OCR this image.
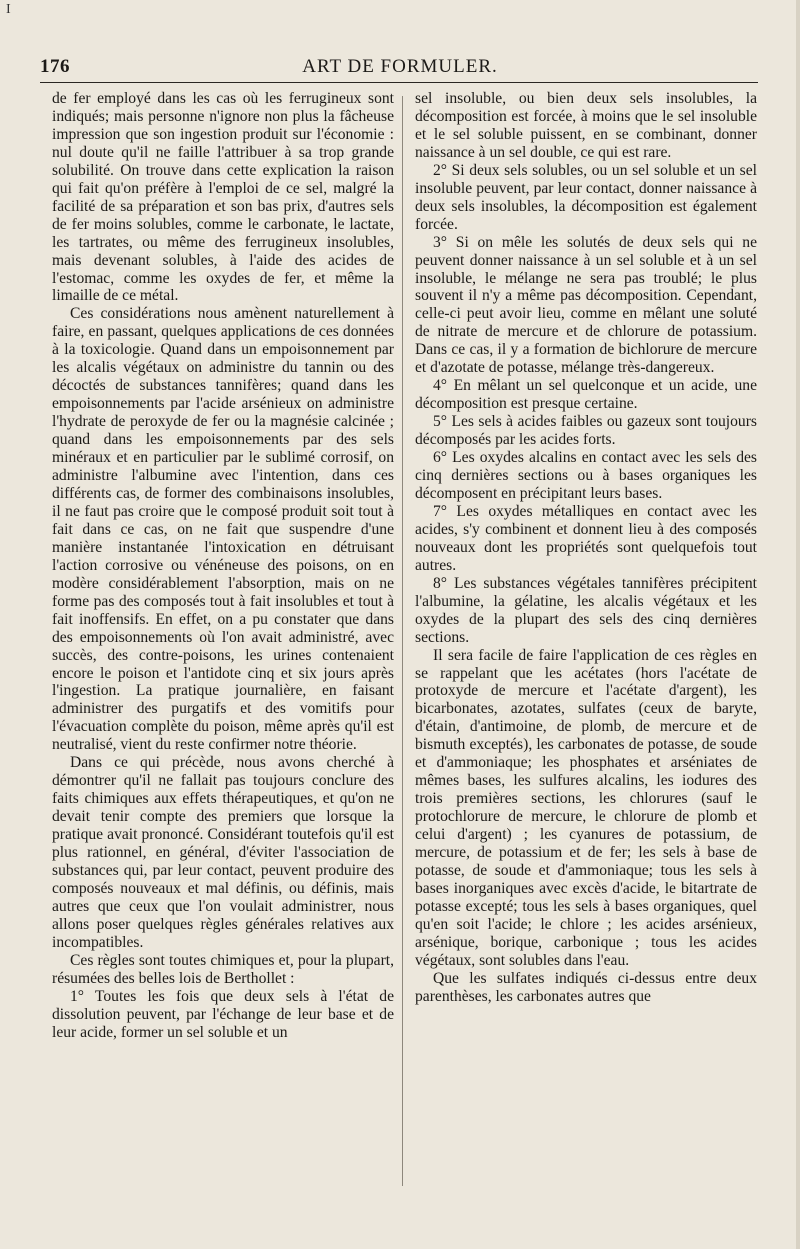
I
176	ART DE FORMULER.

de fer employé dans les cas où les ferrugineux sont indiqués; mais personne n'ignore non plus la fâcheuse impression que son ingestion produit sur l'économie : nul doute qu'il ne faille l'attribuer à sa trop grande solubilité. On trouve dans cette explication la raison qui fait qu'on préfère à l'emploi de ce sel, malgré la facilité de sa préparation et son bas prix, d'autres sels de fer moins solubles, comme le carbonate, le lactate, les tartrates, ou même des ferrugineux insolubles, mais devenant solubles, à l'aide des acides de l'estomac, comme les oxydes de fer, et même la limaille de ce métal.

Ces considérations nous amènent naturellement à faire, en passant, quelques applications de ces données à la toxicologie. Quand dans un empoisonnement par les alcalis végétaux on administre du tannin ou des décoctés de substances tannifères; quand dans les empoisonnements par l'acide arsénieux on administre l'hydrate de peroxyde de fer ou la magnésie calcinée ; quand dans les empoisonnements par des sels minéraux et en particulier par le sublimé corrosif, on administre l'albumine avec l'intention, dans ces différents cas, de former des combinaisons insolubles, il ne faut pas croire que le composé produit soit tout à fait dans ce cas, on ne fait que suspendre d'une manière instantanée l'intoxication en détruisant l'action corrosive ou vénéneuse des poisons, on en modère considérablement l'absorption, mais on ne forme pas des composés tout à fait insolubles et tout à fait inoffensifs. En effet, on a pu constater que dans des empoisonnements où l'on avait administré, avec succès, des contre-poisons, les urines contenaient encore le poison et l'antidote cinq et six jours après l'ingestion. La pratique journalière, en faisant administrer des purgatifs et des vomitifs pour l'évacuation complète du poison, même après qu'il est neutralisé, vient du reste confirmer notre théorie.

Dans ce qui précède, nous avons cherché à démontrer qu'il ne fallait pas toujours conclure des faits chimiques aux effets thérapeutiques, et qu'on ne devait tenir compte des premiers que lorsque la pratique avait prononcé. Considérant toutefois qu'il est plus rationnel, en général, d'éviter l'association de substances qui, par leur contact, peuvent produire des composés nouveaux et mal définis, ou définis, mais autres que ceux que l'on voulait administrer, nous allons poser quelques règles générales relatives aux incompatibles.

Ces règles sont toutes chimiques et, pour la plupart, résumées des belles lois de Berthollet :

1° Toutes les fois que deux sels à l'état de dissolution peuvent, par l'échange de leur base et de leur acide, former un sel soluble et un

sel insoluble, ou bien deux sels insolubles, la décomposition est forcée, à moins que le sel insoluble et le sel soluble puissent, en se combinant, donner naissance à un sel double, ce qui est rare.

2° Si deux sels solubles, ou un sel soluble et un sel insoluble peuvent, par leur contact, donner naissance à deux sels insolubles, la décomposition est également forcée.

3° Si on mêle les solutés de deux sels qui ne peuvent donner naissance à un sel soluble et à un sel insoluble, le mélange ne sera pas troublé; le plus souvent il n'y a même pas décomposition. Cependant, celle-ci peut avoir lieu, comme en mêlant une soluté de nitrate de mercure et de chlorure de potassium. Dans ce cas, il y a formation de bichlorure de mercure et d'azotate de potasse, mélange très-dangereux.

4° En mêlant un sel quelconque et un acide, une décomposition est presque certaine.

5° Les sels à acides faibles ou gazeux sont toujours décomposés par les acides forts.

6° Les oxydes alcalins en contact avec les sels des cinq dernières sections ou à bases organiques les décomposent en précipitant leurs bases.

7° Les oxydes métalliques en contact avec les acides, s'y combinent et donnent lieu à des composés nouveaux dont les propriétés sont quelquefois tout autres.

8° Les substances végétales tannifères précipitent l'albumine, la gélatine, les alcalis végétaux et les oxydes de la plupart des sels des cinq dernières sections.

Il sera facile de faire l'application de ces règles en se rappelant que les acétates (hors l'acétate de protoxyde de mercure et l'acétate d'argent), les bicarbonates, azotates, sulfates (ceux de baryte, d'étain, d'antimoine, de plomb, de mercure et de bismuth exceptés), les carbonates de potasse, de soude et d'ammoniaque; les phosphates et arséniates de mêmes bases, les sulfures alcalins, les iodures des trois premières sections, les chlorures (sauf le protochlorure de mercure, le chlorure de plomb et celui d'argent) ; les cyanures de potassium, de mercure, de potassium et de fer; les sels à base de potasse, de soude et d'ammoniaque; tous les sels à bases inorganiques avec excès d'acide, le bitartrate de potasse excepté; tous les sels à bases organiques, quel qu'en soit l'acide; le chlore ; les acides arsénieux, arsénique, borique, carbonique ; tous les acides végétaux, sont solubles dans l'eau.

Que les sulfates indiqués ci-dessus entre deux parenthèses, les carbonates autres que
